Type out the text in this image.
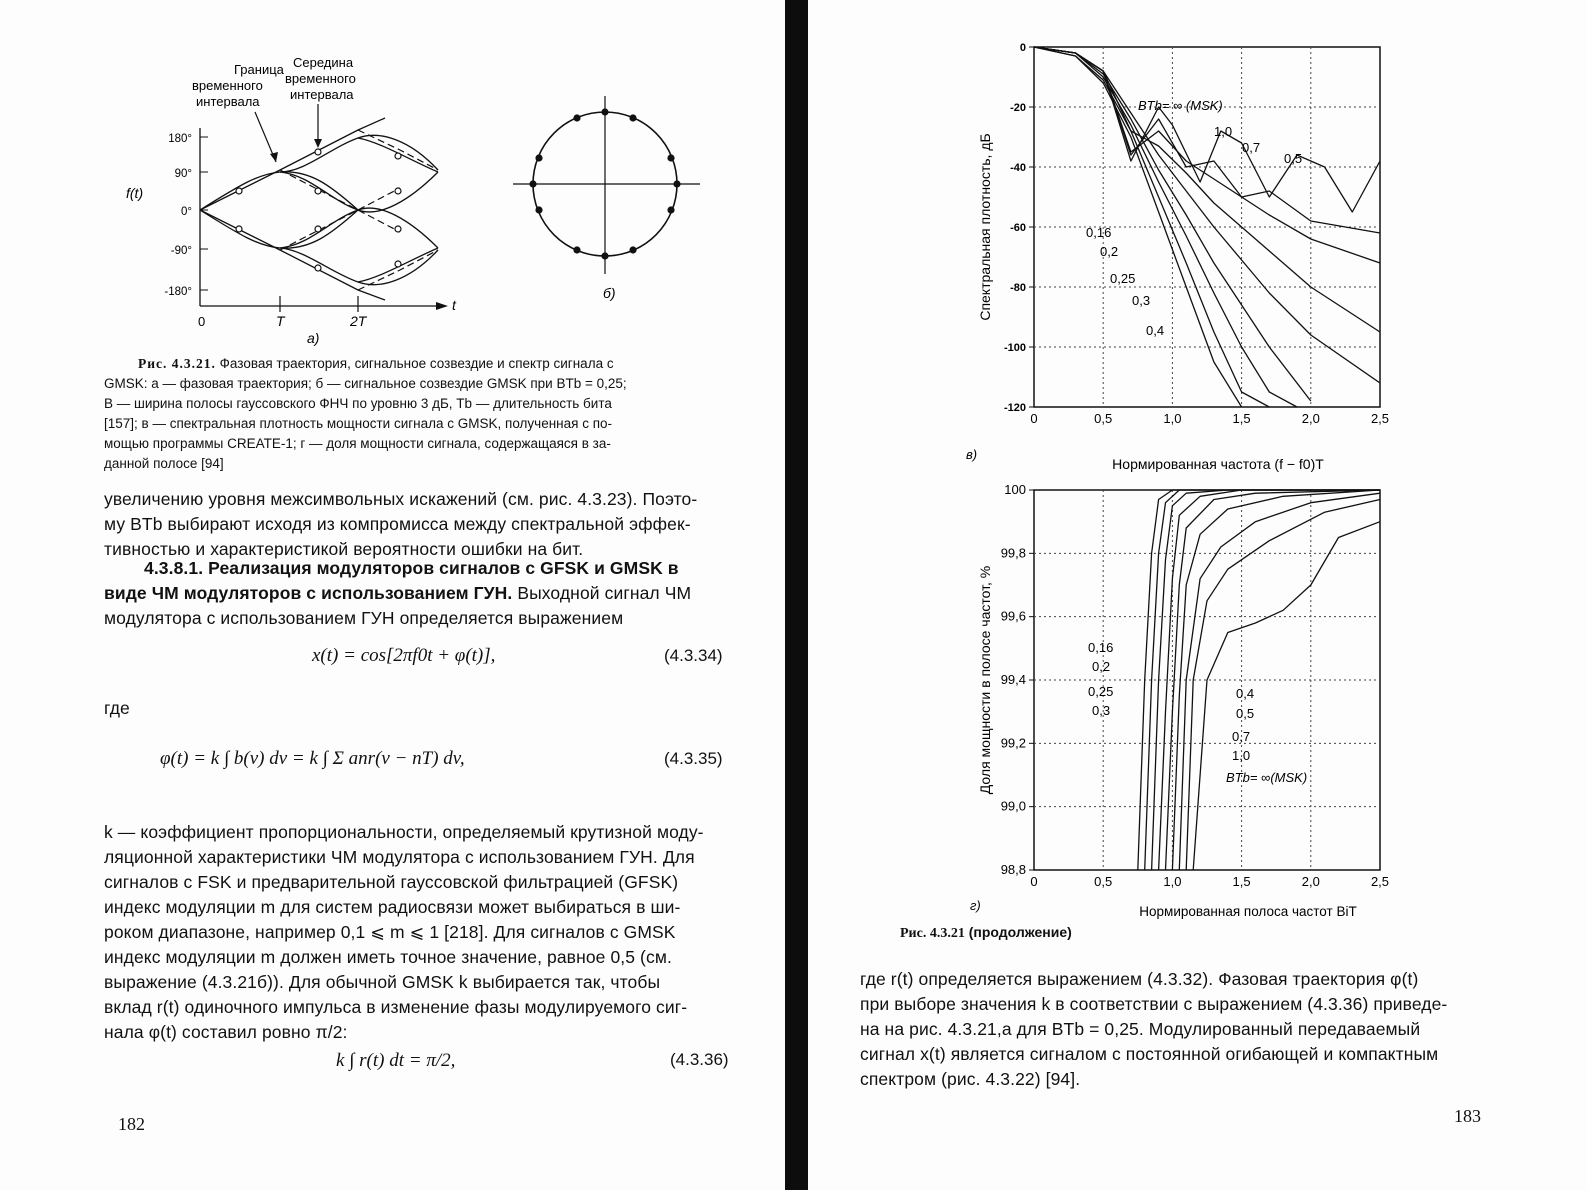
Граница
временного
интервала
Середина
временного
интервала
180°
90°
0°
-90°
-180°
f(t)
0	T	2T
t
а)
б)
Рис. 4.3.21. Фазовая траектория, сигнальное созвездие и спектр сигнала с
GMSK: а — фазовая траектория; б — сигнальное созвездие GMSK при BTb = 0,25;
B — ширина полосы гауссовского ФНЧ по уровню 3 дБ, Tb — длительность бита
[157]; в — спектральная плотность мощности сигнала с GMSK, полученная с по-
мощью программы CREATE-1; г — доля мощности сигнала, содержащаяся в за-
данной полосе [94]
увеличению уровня межсимвольных искажений (см. рис. 4.3.23). Поэто-
му BTb выбирают исходя из компромисса между спектральной эффек-
тивностью и характеристикой вероятности ошибки на бит.
4.3.8.1. Реализация модуляторов сигналов с GFSK и GMSK в
виде ЧМ модуляторов с использованием ГУН. Выходной сигнал ЧМ
модулятора с использованием ГУН определяется выражением
x(t) = cos[2πf0t + φ(t)],	(4.3.34)
где
φ(t) = k ∫ b(v) dv = k ∫ Σ anr(v − nT) dv,	(4.3.35)
k — коэффициент пропорциональности, определяемый крутизной моду-
ляционной характеристики ЧМ модулятора с использованием ГУН. Для
сигналов с FSK и предварительной гауссовской фильтрацией (GFSK)
индекс модуляции m для систем радиосвязи может выбираться в ши-
роком диапазоне, например 0,1 ⩽ m ⩽ 1 [218]. Для сигналов с GMSK
индекс модуляции m должен иметь точное значение, равное 0,5 (см.
выражение (4.3.21б)). Для обычной GMSK k выбирается так, чтобы
вклад r(t) одиночного импульса в изменение фазы модулируемого сиг-
нала φ(t) составил ровно π/2:
k ∫ r(t) dt = π/2,	(4.3.36)
182
0
-20
-40
-60
-80
-100
-120
0	0,5	1,0	1,5	2,0	2,5
Спектральная плотность, дБ
Нормированная частота (f − f0)T
в)
BTb= ∞ (MSK)
1,0
0,7
0,5
0,16
0,2
0,25
0,3
0,4
100
99,8
99,6
99,4
99,2
99,0
98,8
0	0,5	1,0	1,5	2,0	2,5
Доля мощности в полосе частот, %
Нормированная полоса частот BiT
г)
0,16
0,2
0,25
0,3
0,4
0,5
0,7
1,0
BTb= ∞(MSK)
Рис. 4.3.21 (продолжение)
где r(t) определяется выражением (4.3.32). Фазовая траектория φ(t)
при выборе значения k в соответствии с выражением (4.3.36) приведе-
на на рис. 4.3.21,а для BTb = 0,25. Модулированный передаваемый
сигнал x(t) является сигналом с постоянной огибающей и компактным
спектром (рис. 4.3.22) [94].
183
